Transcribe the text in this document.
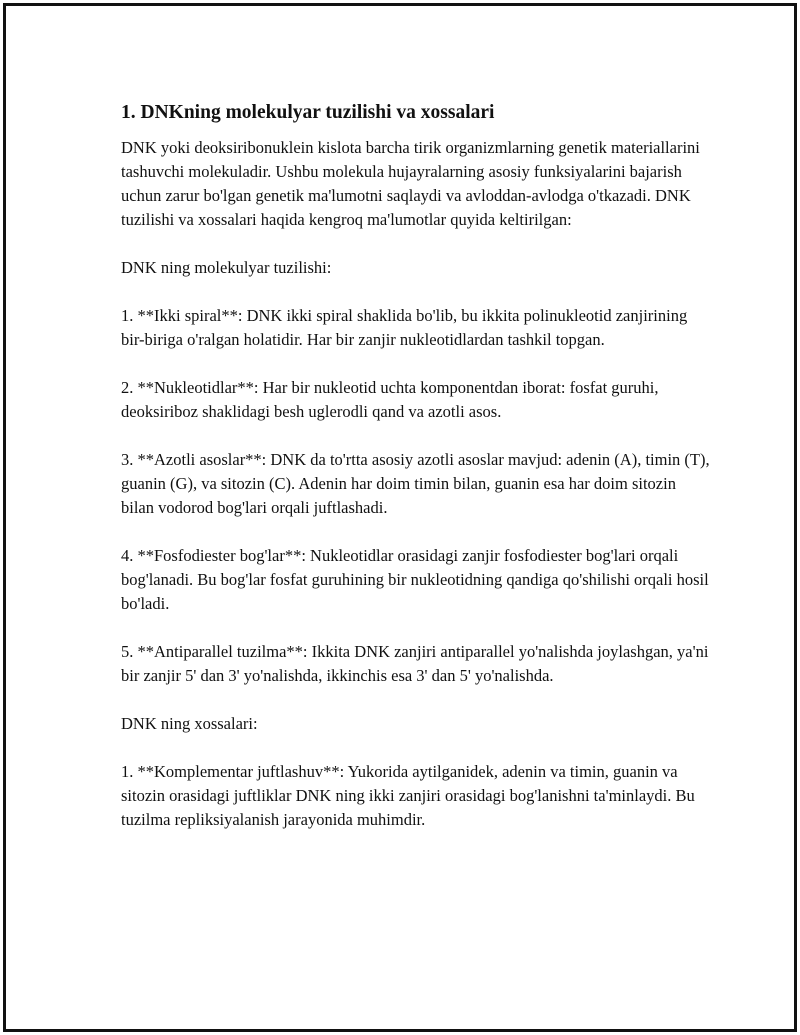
1. DNKning molekulyar tuzilishi va xossalari

DNK yoki deoksiribonuklein kislota barcha tirik organizmlarning genetik materiallarini tashuvchi molekuladir. Ushbu molekula hujayralarning asosiy funksiyalarini bajarish uchun zarur bo'lgan genetik ma'lumotni saqlaydi va avloddan-avlodga o'tkazadi. DNK tuzilishi va xossalari haqida kengroq ma'lumotlar quyida keltirilgan:

DNK ning molekulyar tuzilishi:

1. **Ikki spiral**: DNK ikki spiral shaklida bo'lib, bu ikkita polinukleotid zanjirining bir-biriga o'ralgan holatidir. Har bir zanjir nukleotidlardan tashkil topgan.

2. **Nukleotidlar**: Har bir nukleotid uchta komponentdan iborat: fosfat guruhi, deoksiriboz shaklidagi besh uglerodli qand va azotli asos.

3. **Azotli asoslar**: DNK da to'rtta asosiy azotli asoslar mavjud: adenin (A), timin (T), guanin (G), va sitozin (C). Adenin har doim timin bilan, guanin esa har doim sitozin bilan vodorod bog'lari orqali juftlashadi.

4. **Fosfodiester bog'lar**: Nukleotidlar orasidagi zanjir fosfodiester bog'lari orqali bog'lanadi. Bu bog'lar fosfat guruhining bir nukleotidning qandiga qo'shilishi orqali hosil bo'ladi.

5. **Antiparallel tuzilma**: Ikkita DNK zanjiri antiparallel yo'nalishda joylashgan, ya'ni bir zanjir 5' dan 3' yo'nalishda, ikkinchis esa 3' dan 5' yo'nalishda.

DNK ning xossalari:

1. **Komplementar juftlashuv**: Yukorida aytilganidek, adenin va timin, guanin va sitozin orasidagi juftliklar DNK ning ikki zanjiri orasidagi bog'lanishni ta'minlaydi. Bu tuzilma repliksiyalanish jarayonida muhimdir.
